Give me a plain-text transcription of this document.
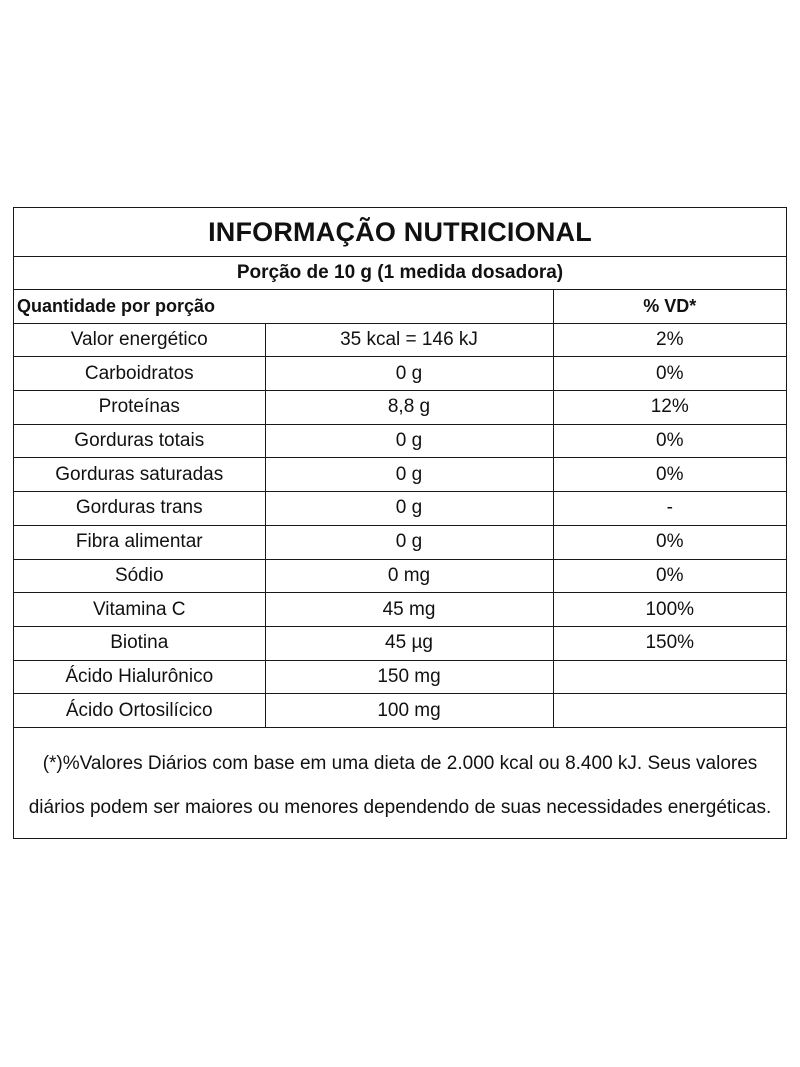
INFORMAÇÃO NUTRICIONAL
Porção de 10 g (1 medida dosadora)
Quantidade por porção		% VD*
Valor energético	35 kcal = 146 kJ	2%
Carboidratos	0 g	0%
Proteínas	8,8 g	12%
Gorduras totais	0 g	0%
Gorduras saturadas	0 g	0%
Gorduras trans	0 g	-
Fibra alimentar	0 g	0%
Sódio	0 mg	0%
Vitamina C	45 mg	100%
Biotina	45 µg	150%
Ácido Hialurônico	150 mg	
Ácido Ortosilícico	100 mg	
(*)%Valores Diários com base em uma dieta de 2.000 kcal ou 8.400 kJ. Seus valores diários podem ser maiores ou menores dependendo de suas necessidades energéticas.
